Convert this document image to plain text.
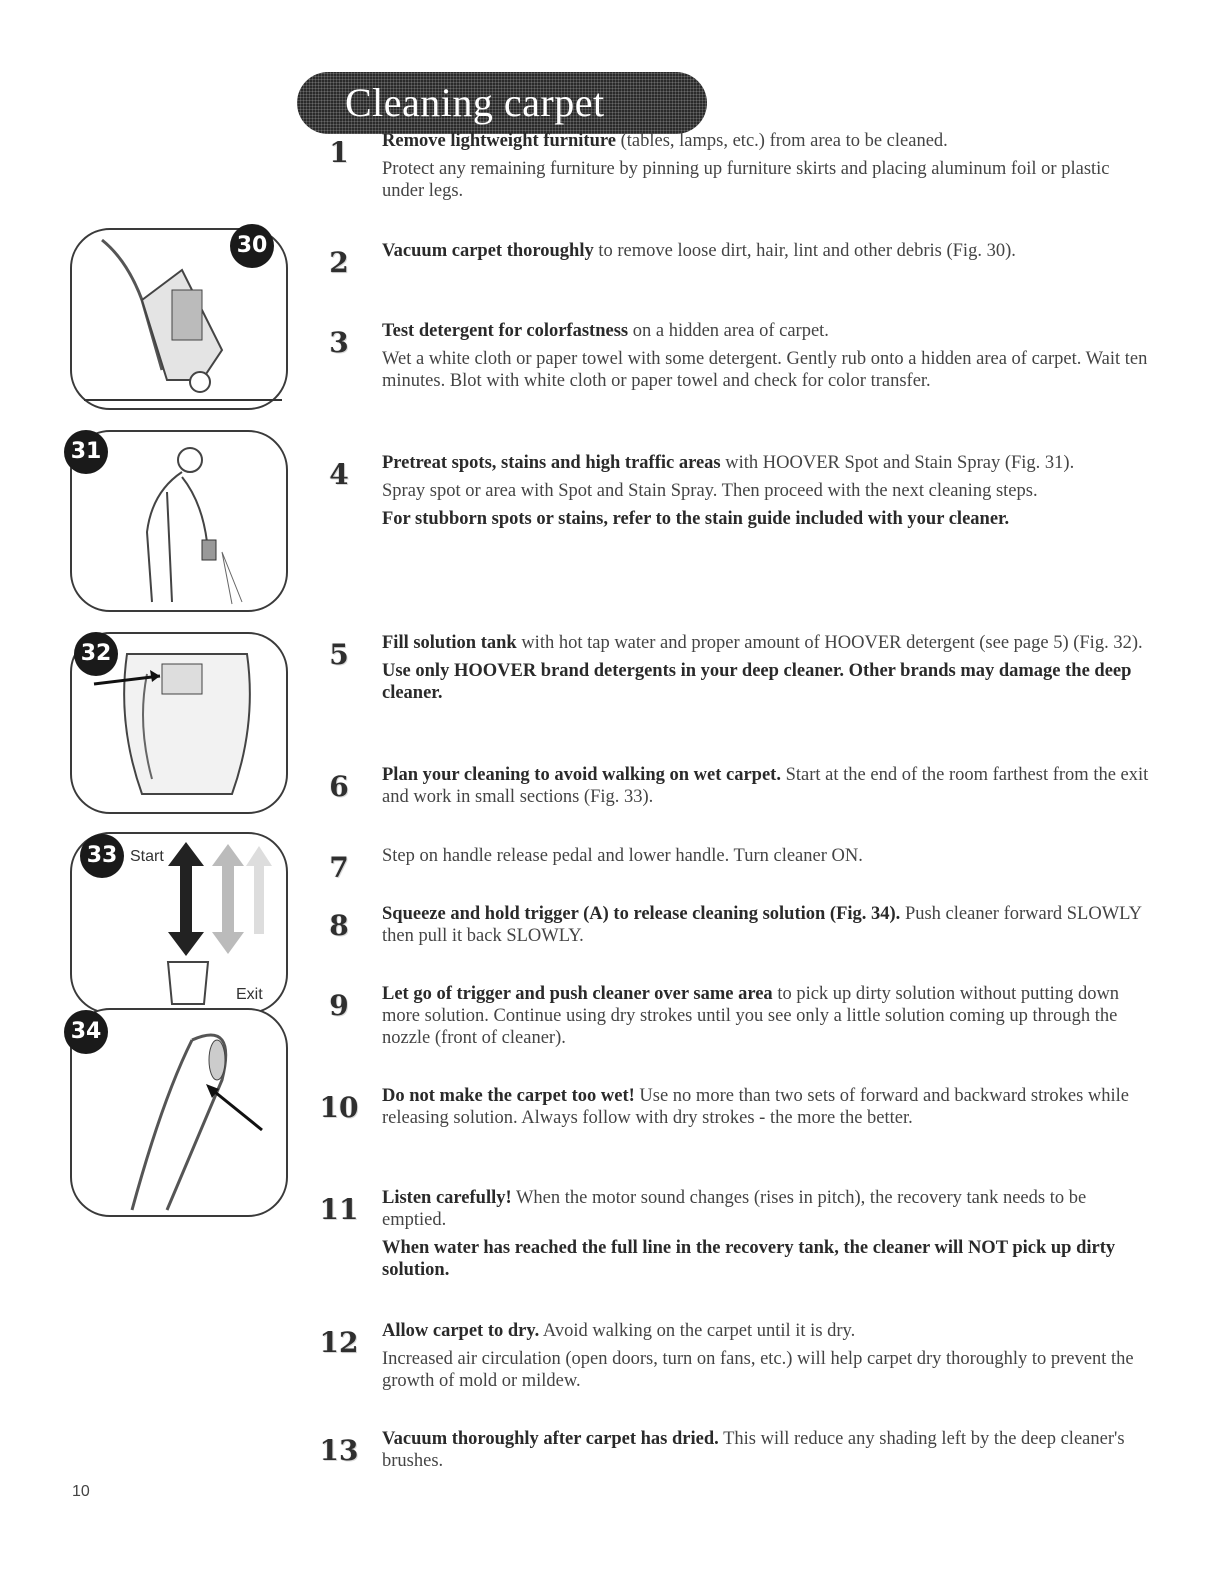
Cleaning carpet
30
31
32
33 Start
Exit
34
1	Remove lightweight furniture (tables, lamps, etc.) from area to be cleaned.

Protect any remaining furniture by pinning up furniture skirts and placing aluminum foil or plastic under legs.

2	Vacuum carpet thoroughly to remove loose dirt, hair, lint and other debris (Fig. 30).

3	Test detergent for colorfastness on a hidden area of carpet.

Wet a white cloth or paper towel with some detergent. Gently rub onto a hidden area of carpet. Wait ten minutes. Blot with white cloth or paper towel and check for color transfer.

4	Pretreat spots, stains and high traffic areas with HOOVER Spot and Stain Spray (Fig. 31).

Spray spot or area with Spot and Stain Spray. Then proceed with the next cleaning steps.

For stubborn spots or stains, refer to the stain guide included with your cleaner.

5	Fill solution tank with hot tap water and proper amount of HOOVER detergent (see page 5) (Fig. 32).

Use only HOOVER brand detergents in your deep cleaner. Other brands may damage the deep cleaner.

6	Plan your cleaning to avoid walking on wet carpet. Start at the end of the room farthest from the exit and work in small sections (Fig. 33).

7	Step on handle release pedal and lower handle. Turn cleaner ON.

8	Squeeze and hold trigger (A) to release cleaning solution (Fig. 34). Push cleaner forward SLOWLY then pull it back SLOWLY.

9	Let go of trigger and push cleaner over same area to pick up dirty solution without putting down more solution. Continue using dry strokes until you see only a little solution coming up through the nozzle (front of cleaner).

10	Do not make the carpet too wet! Use no more than two sets of forward and backward strokes while releasing solution. Always follow with dry strokes - the more the better.

11	Listen carefully! When the motor sound changes (rises in pitch), the recovery tank needs to be emptied.

When water has reached the full line in the recovery tank, the cleaner will NOT pick up dirty solution.

12	Allow carpet to dry. Avoid walking on the carpet until it is dry.

Increased air circulation (open doors, turn on fans, etc.) will help carpet dry thoroughly to prevent the growth of mold or mildew.

13	Vacuum thoroughly after carpet has dried. This will reduce any shading left by the deep cleaner's brushes.

10
